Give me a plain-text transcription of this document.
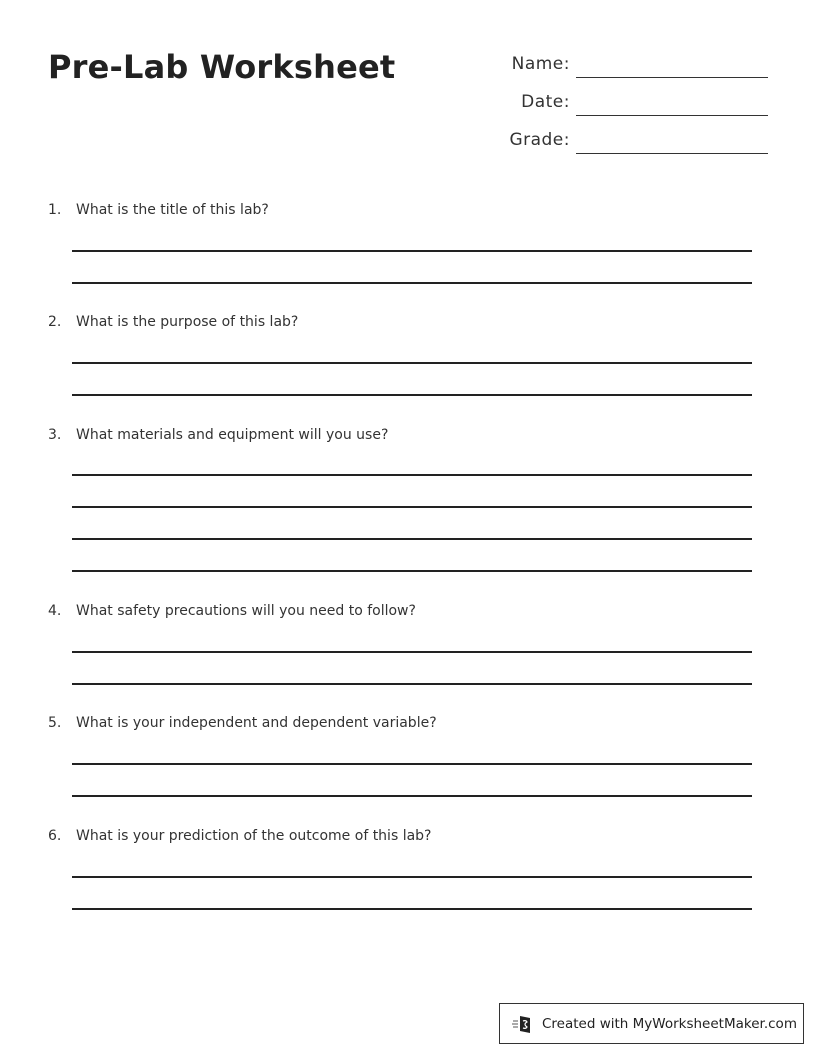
Pre-Lab Worksheet	Name:
Date:
Grade:
1. What is the title of this lab?
2. What is the purpose of this lab?
3. What materials and equipment will you use?
4. What safety precautions will you need to follow?
5. What is your independent and dependent variable?
6. What is your prediction of the outcome of this lab?
Created with MyWorksheetMaker.com
